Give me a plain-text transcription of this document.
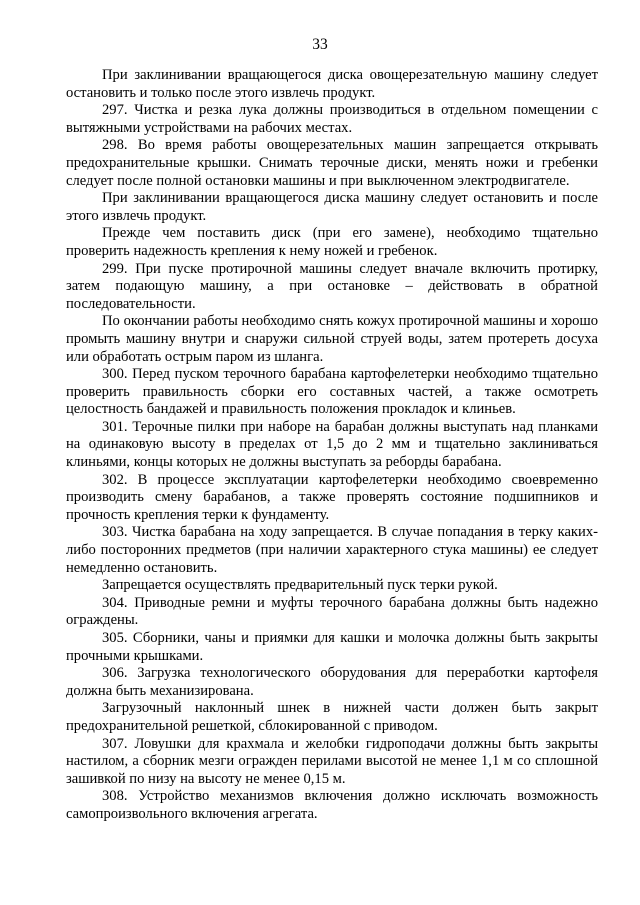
33

При заклинивании вращающегося диска овощерезательную машину следует остановить и только после этого извлечь продукт.

297. Чистка и резка лука должны производиться в отдельном помещении с вытяжными устройствами на рабочих местах.

298. Во время работы овощерезательных машин запрещается открывать предохранительные крышки. Снимать терочные диски, менять ножи и гребенки следует после полной остановки машины и при выключенном электродвигателе.

При заклинивании вращающегося диска машину следует остановить и после этого извлечь продукт.

Прежде чем поставить диск (при его замене), необходимо тщательно проверить надежность крепления к нему ножей и гребенок.

299. При пуске протирочной машины следует вначале включить протирку, затем подающую машину, а при остановке – действовать в обратной последовательности.

По окончании работы необходимо снять кожух протирочной машины и хорошо промыть машину внутри и снаружи сильной струей воды, затем протереть досуха или обработать острым паром из шланга.

300. Перед пуском терочного барабана картофелетерки необходимо тщательно проверить правильность сборки его составных частей, а также осмотреть целостность бандажей и правильность положения прокладок и клиньев.

301. Терочные пилки при наборе на барабан должны выступать над планками на одинаковую высоту в пределах от 1,5 до 2 мм и тщательно заклиниваться клиньями, концы которых не должны выступать за реборды барабана.

302. В процессе эксплуатации картофелетерки необходимо своевременно производить смену барабанов, а также проверять состояние подшипников и прочность крепления терки к фундаменту.

303. Чистка барабана на ходу запрещается. В случае попадания в терку каких-либо посторонних предметов (при наличии характерного стука машины) ее следует немедленно остановить.

Запрещается осуществлять предварительный пуск терки рукой.

304. Приводные ремни и муфты терочного барабана должны быть надежно ограждены.

305. Сборники, чаны и приямки для кашки и молочка должны быть закрыты прочными крышками.

306. Загрузка технологического оборудования для переработки картофеля должна быть механизирована.

Загрузочный наклонный шнек в нижней части должен быть закрыт предохранительной решеткой, сблокированной с приводом.

307. Ловушки для крахмала и желобки гидроподачи должны быть закрыты настилом, а сборник мезги огражден перилами высотой не менее 1,1 м со сплошной зашивкой по низу на высоту не менее 0,15 м.

308. Устройство механизмов включения должно исключать возможность самопроизвольного включения агрегата.
